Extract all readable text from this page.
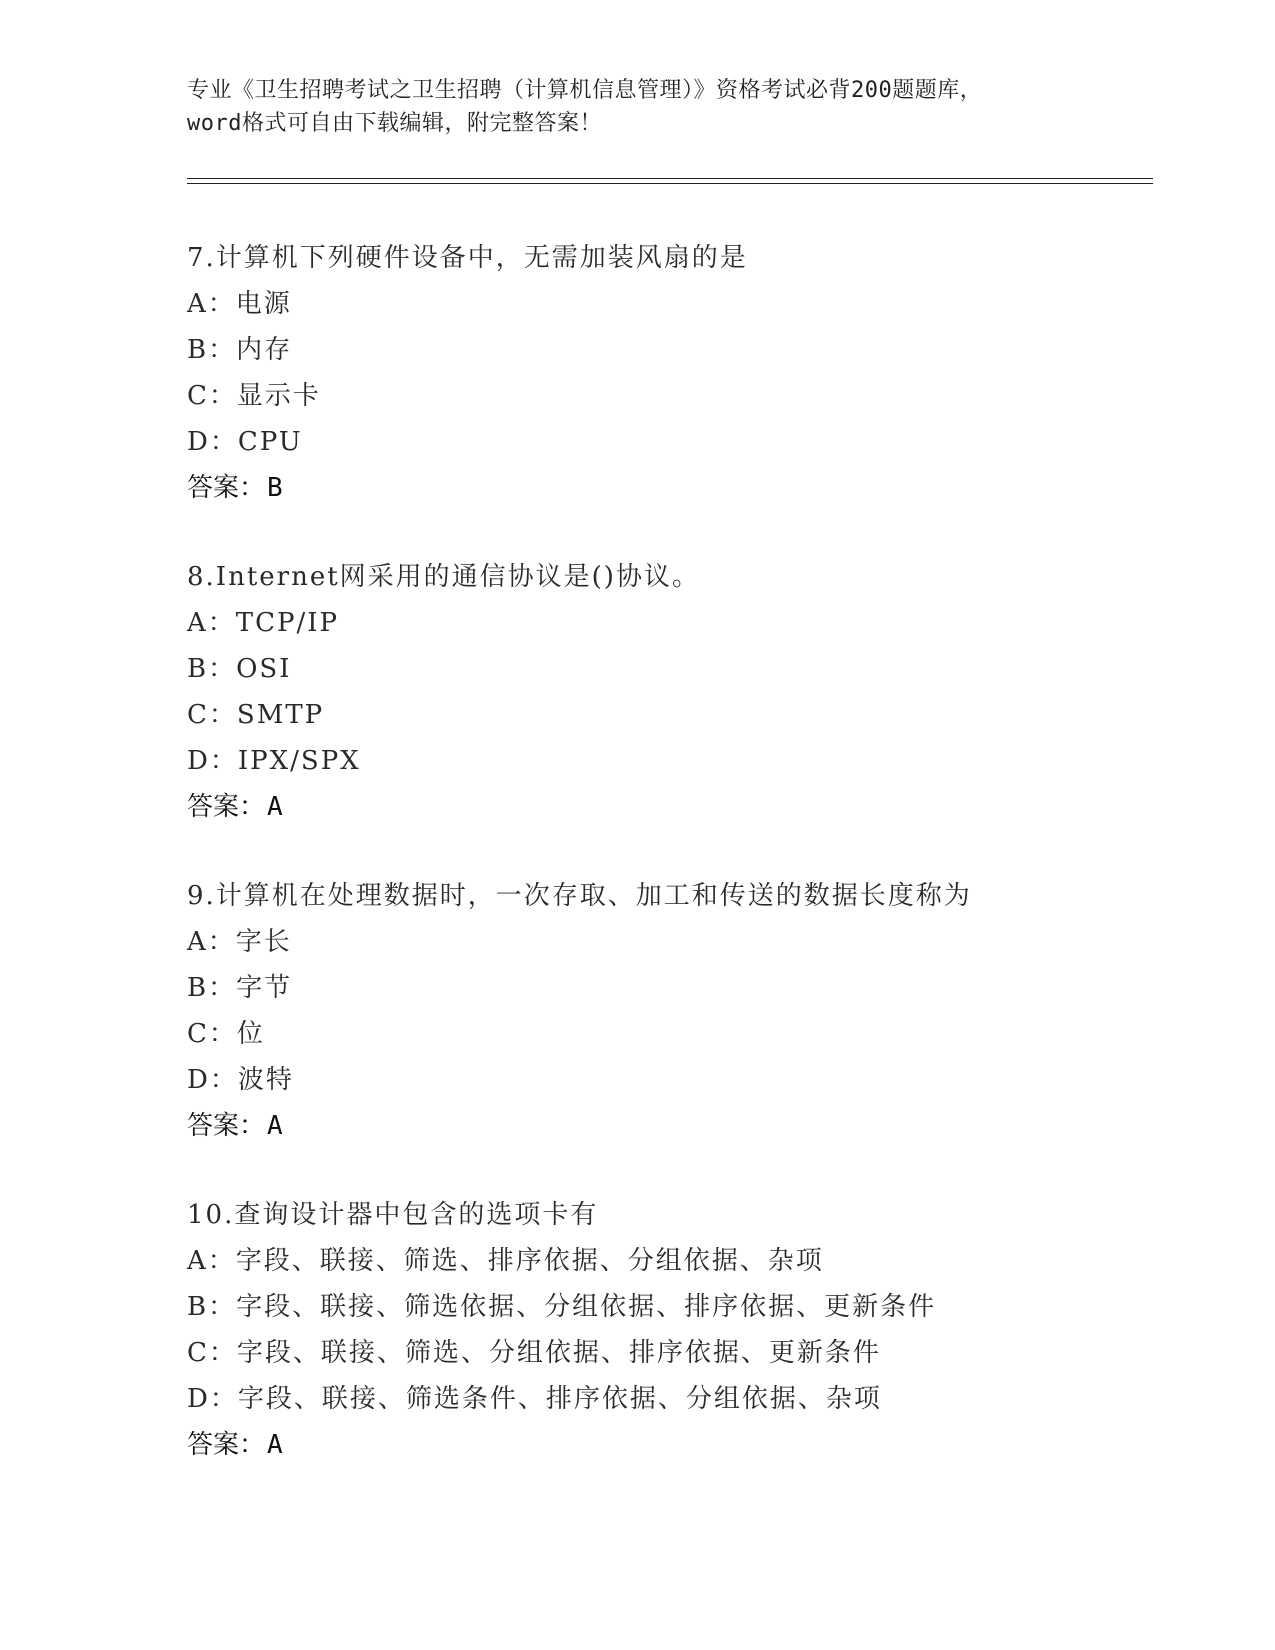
专业《卫生招聘考试之卫生招聘（计算机信息管理）》资格考试必背200题题库，
word格式可自由下载编辑，附完整答案！
7.计算机下列硬件设备中，无需加装风扇的是
A：电源
B：内存
C：显示卡
D：CPU
答案：B
8.Internet网采用的通信协议是()协议。
A：TCP/IP
B：OSI
C：SMTP
D：IPX/SPX
答案：A
9.计算机在处理数据时，一次存取、加工和传送的数据长度称为
A：字长
B：字节
C：位
D：波特
答案：A
10.查询设计器中包含的选项卡有
A：字段、联接、筛选、排序依据、分组依据、杂项
B：字段、联接、筛选依据、分组依据、排序依据、更新条件
C：字段、联接、筛选、分组依据、排序依据、更新条件
D：字段、联接、筛选条件、排序依据、分组依据、杂项
答案：A
